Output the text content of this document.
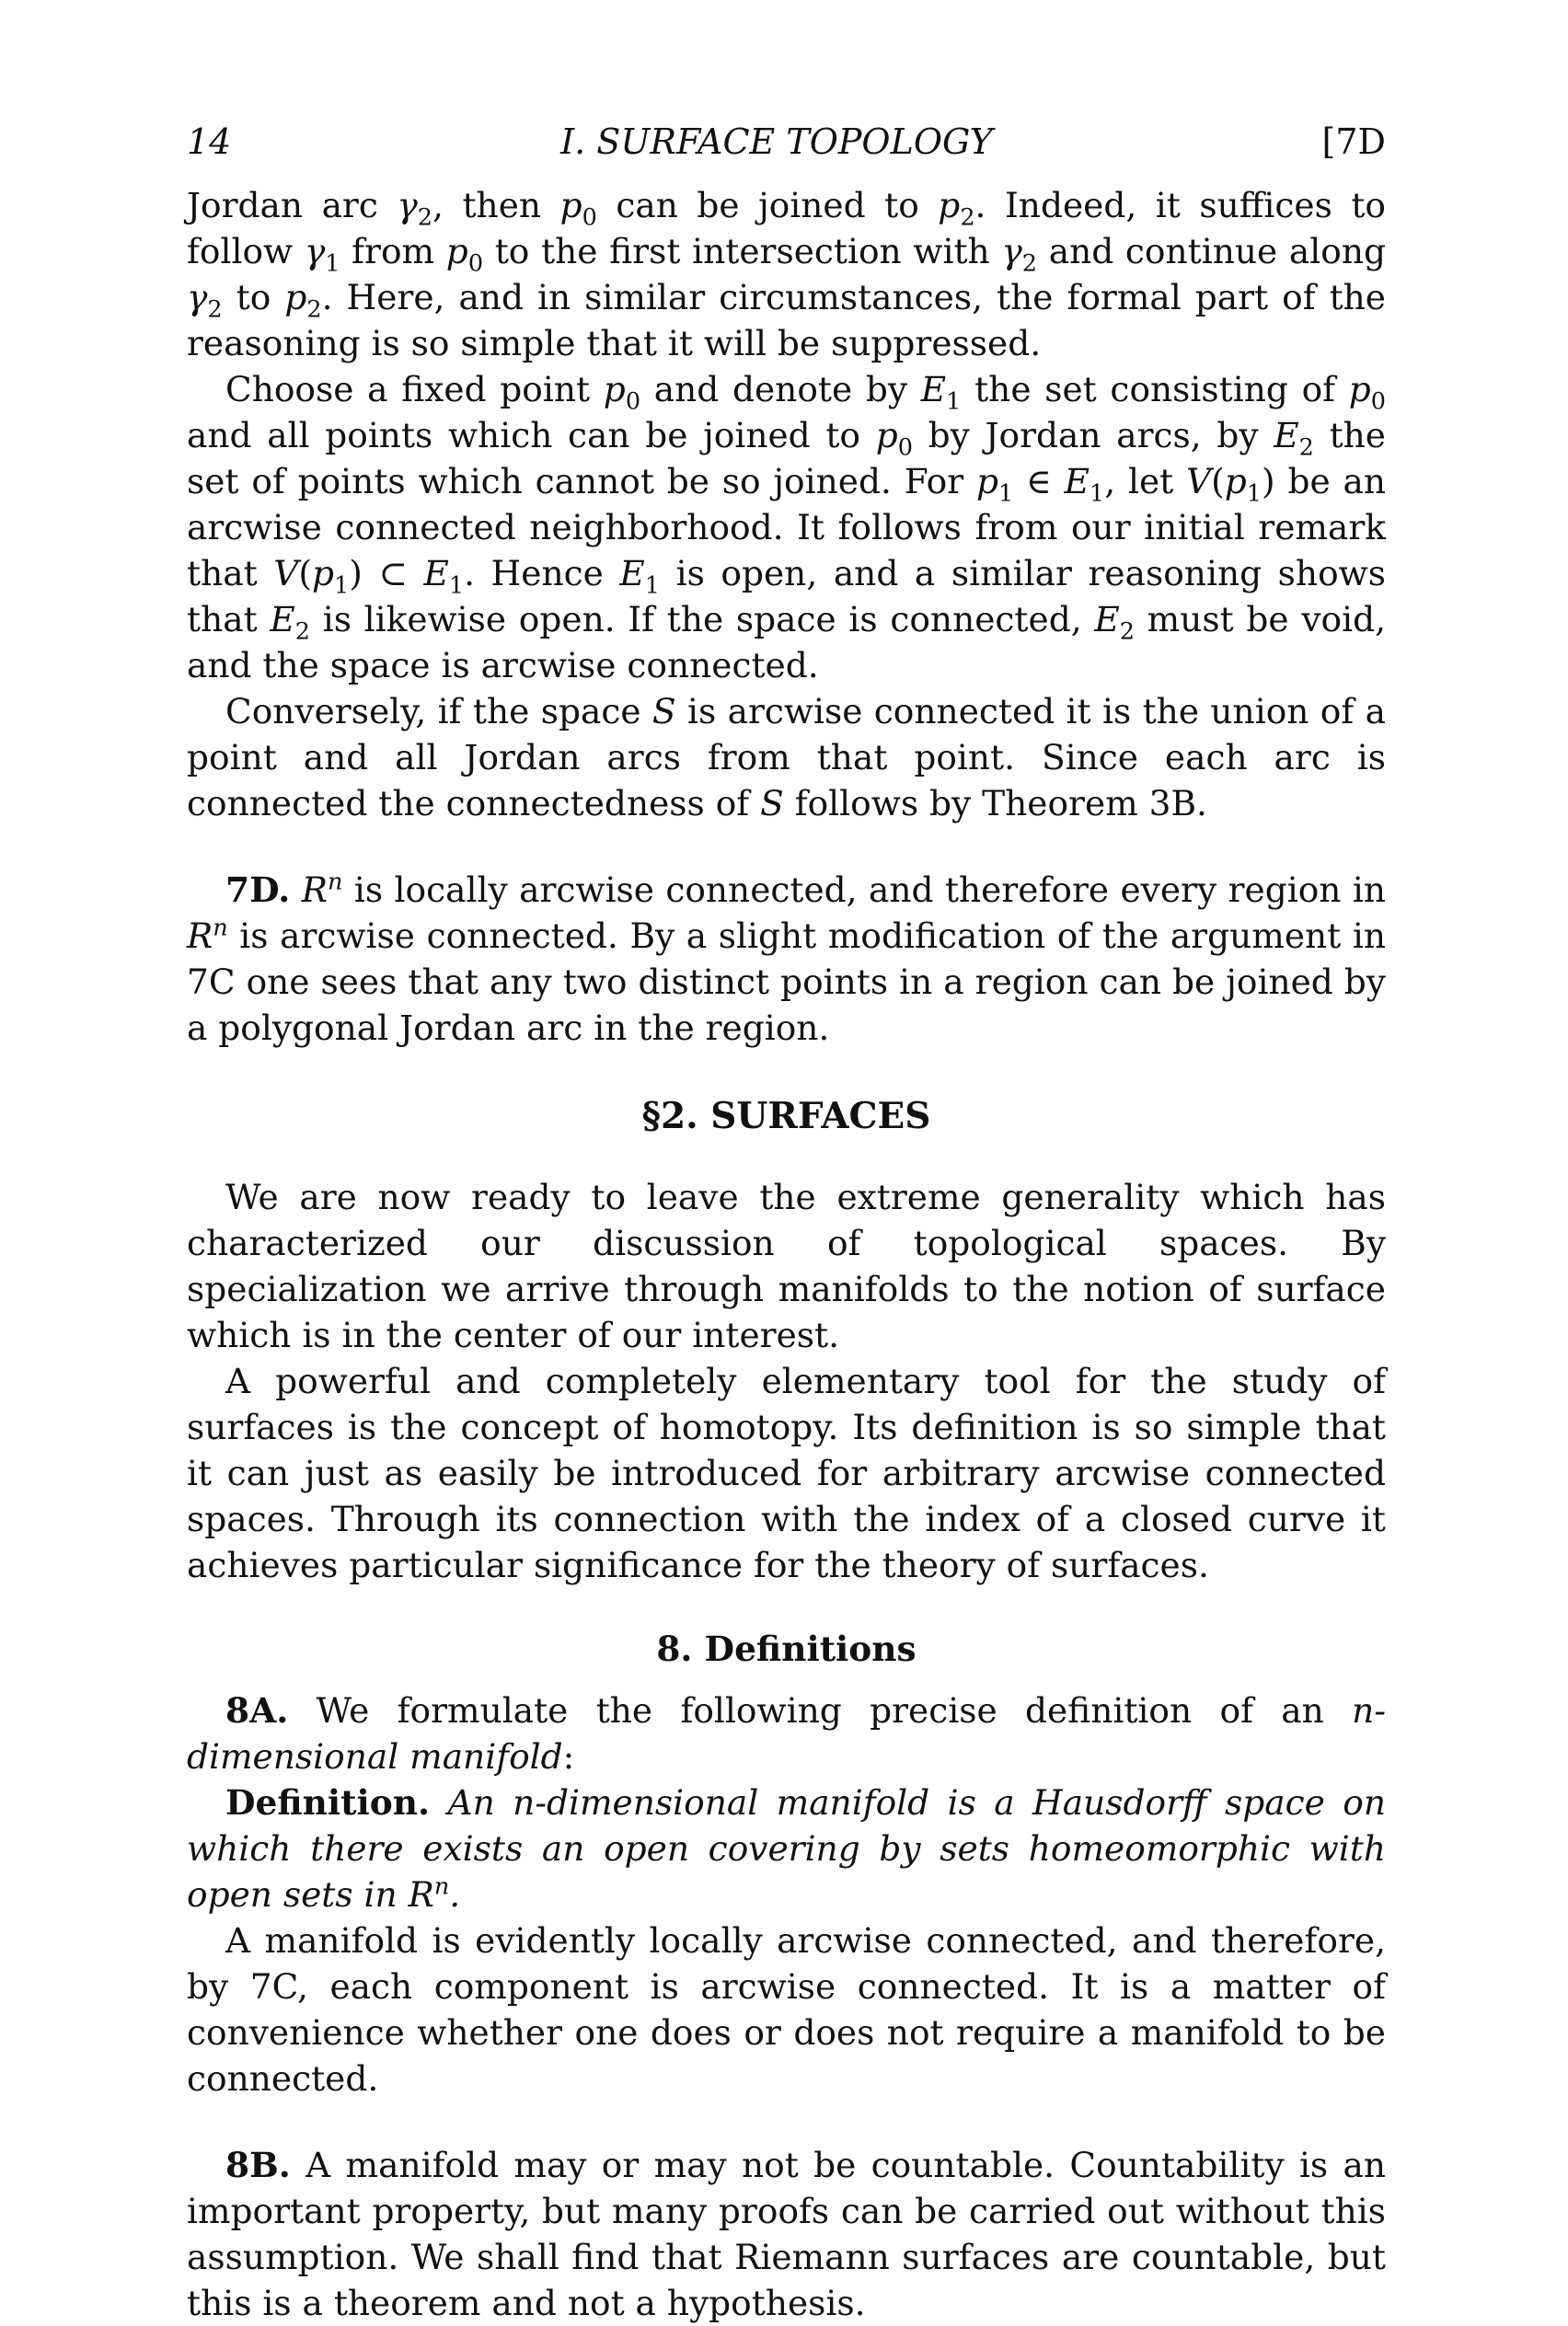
14	I. SURFACE TOPOLOGY	[7D

Jordan arc $\gamma_2$, then $p_0$ can be joined to $p_2$. Indeed, it suffices to follow $\gamma_1$ from $p_0$ to the first intersection with $\gamma_2$ and continue along $\gamma_2$ to $p_2$. Here, and in similar circumstances, the formal part of the reasoning is so simple that it will be suppressed.

Choose a fixed point $p_0$ and denote by $E_1$ the set consisting of $p_0$ and all points which can be joined to $p_0$ by Jordan arcs, by $E_2$ the set of points which cannot be so joined. For $p_1$ ∈ $E_1$, let $V(p_1)$ be an arcwise connected neighborhood. It follows from our initial remark that $V(p_1)$ ⊂ $E_1$. Hence $E_1$ is open, and a similar reasoning shows that $E_2$ is likewise open. If the space is connected, $E_2$ must be void, and the space is arcwise connected.

Conversely, if the space S is arcwise connected it is the union of a point and all Jordan arcs from that point. Since each arc is connected the connectedness of S follows by Theorem 3B.

7D. $R^n$ is locally arcwise connected, and therefore every region in $R^n$ is arcwise connected. By a slight modification of the argument in 7C one sees that any two distinct points in a region can be joined by a polygonal Jordan arc in the region.

§2. SURFACES

We are now ready to leave the extreme generality which has characterized our discussion of topological spaces. By specialization we arrive through manifolds to the notion of surface which is in the center of our interest.

A powerful and completely elementary tool for the study of surfaces is the concept of homotopy. Its definition is so simple that it can just as easily be introduced for arbitrary arcwise connected spaces. Through its connection with the index of a closed curve it achieves particular significance for the theory of surfaces.

8. Definitions

8A. We formulate the following precise definition of an n-dimensional manifold:

Definition. An n-dimensional manifold is a Hausdorff space on which there exists an open covering by sets homeomorphic with open sets in $R^n$.

A manifold is evidently locally arcwise connected, and therefore, by 7C, each component is arcwise connected. It is a matter of convenience whether one does or does not require a manifold to be connected.

8B. A manifold may or may not be countable. Countability is an important property, but many proofs can be carried out without this assumption. We shall find that Riemann surfaces are countable, but this is a theorem and not a hypothesis.
